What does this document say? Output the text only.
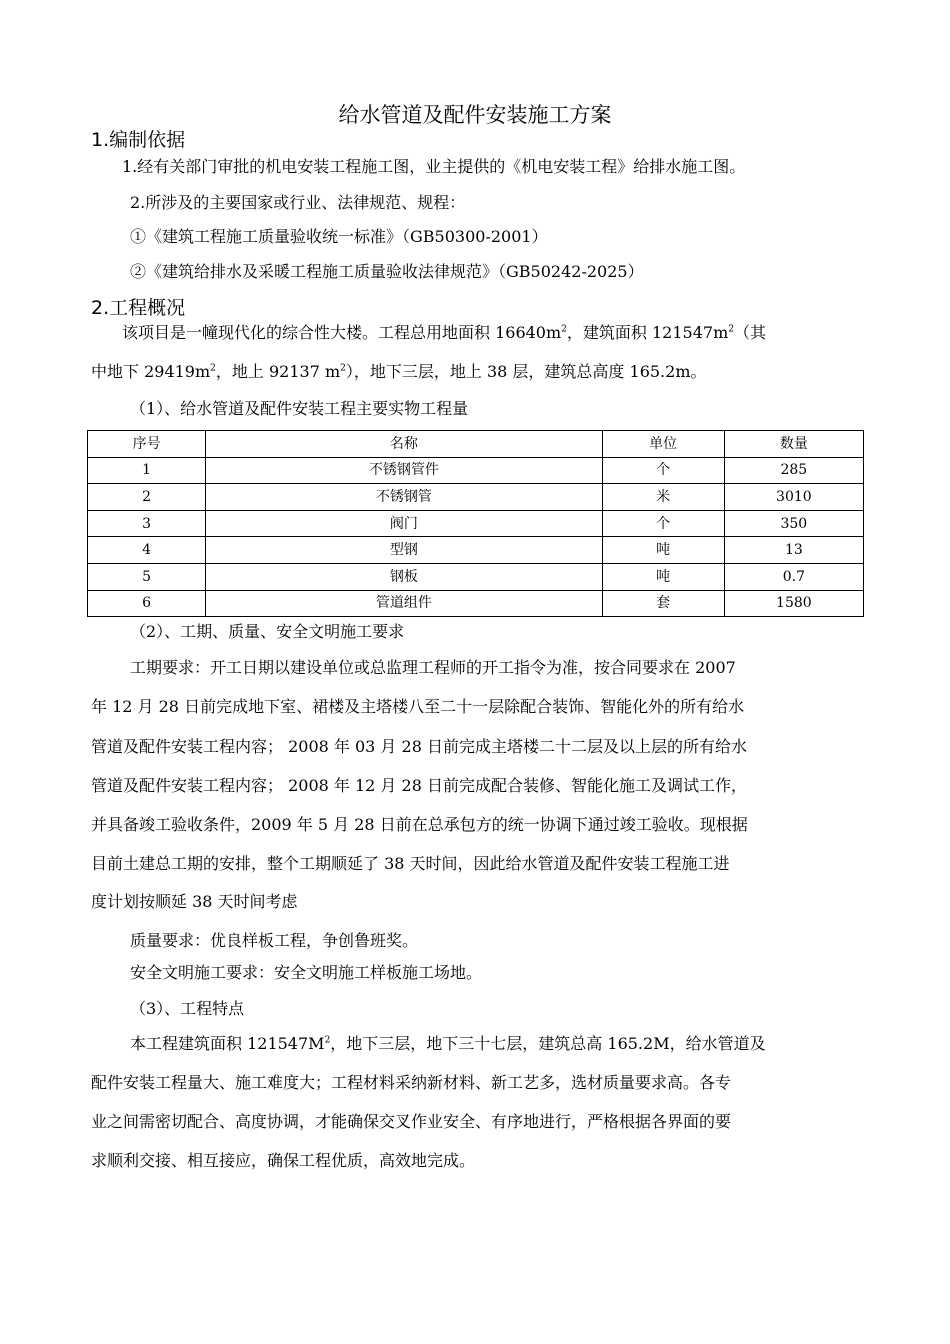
给水管道及配件安装施工方案
1.编制依据
1.经有关部门审批的机电安装工程施工图，业主提供的《机电安装工程》给排水施工图。
2.所涉及的主要国家或行业、法律规范、规程：
①《建筑工程施工质量验收统一标准》（GB50300-2001）
②《建筑给排水及采暖工程施工质量验收法律规范》（GB50242-2025）
2.工程概况
该项目是一幢现代化的综合性大楼。工程总用地面积 $16640m^2$，建筑面积 $121547m^2$（其
中地下 $29419m^2$，地上 92137 $m^2$），地下三层，地上 38 层，建筑总高度 165.2m。
（1）、给水管道及配件安装工程主要实物工程量
序号	名称	单位	数量
1	不锈钢管件	个	285
2	不锈钢管	米	3010
3	阀门	个	350
4	型钢	吨	13
5	钢板	吨	0.7
6	管道组件	套	1580
（2）、工期、质量、安全文明施工要求
工期要求：开工日期以建设单位或总监理工程师的开工指令为准，按合同要求在 2007
年 12 月 28 日前完成地下室、裙楼及主塔楼八至二十一层除配合装饰、智能化外的所有给水
管道及配件安装工程内容； 2008 年 03 月 28 日前完成主塔楼二十二层及以上层的所有给水
管道及配件安装工程内容； 2008 年 12 月 28 日前完成配合装修、智能化施工及调试工作，
并具备竣工验收条件，2009 年 5 月 28 日前在总承包方的统一协调下通过竣工验收。现根据
目前土建总工期的安排，整个工期顺延了 38 天时间，因此给水管道及配件安装工程施工进
度计划按顺延 38 天时间考虑
质量要求：优良样板工程，争创鲁班奖。
安全文明施工要求：安全文明施工样板施工场地。
（3）、工程特点
本工程建筑面积 $121547M^2$，地下三层，地下三十七层，建筑总高 165.2M，给水管道及
配件安装工程量大、施工难度大；工程材料采纳新材料、新工艺多，选材质量要求高。各专
业之间需密切配合、高度协调，才能确保交叉作业安全、有序地进行，严格根据各界面的要
求顺利交接、相互接应，确保工程优质，高效地完成。
